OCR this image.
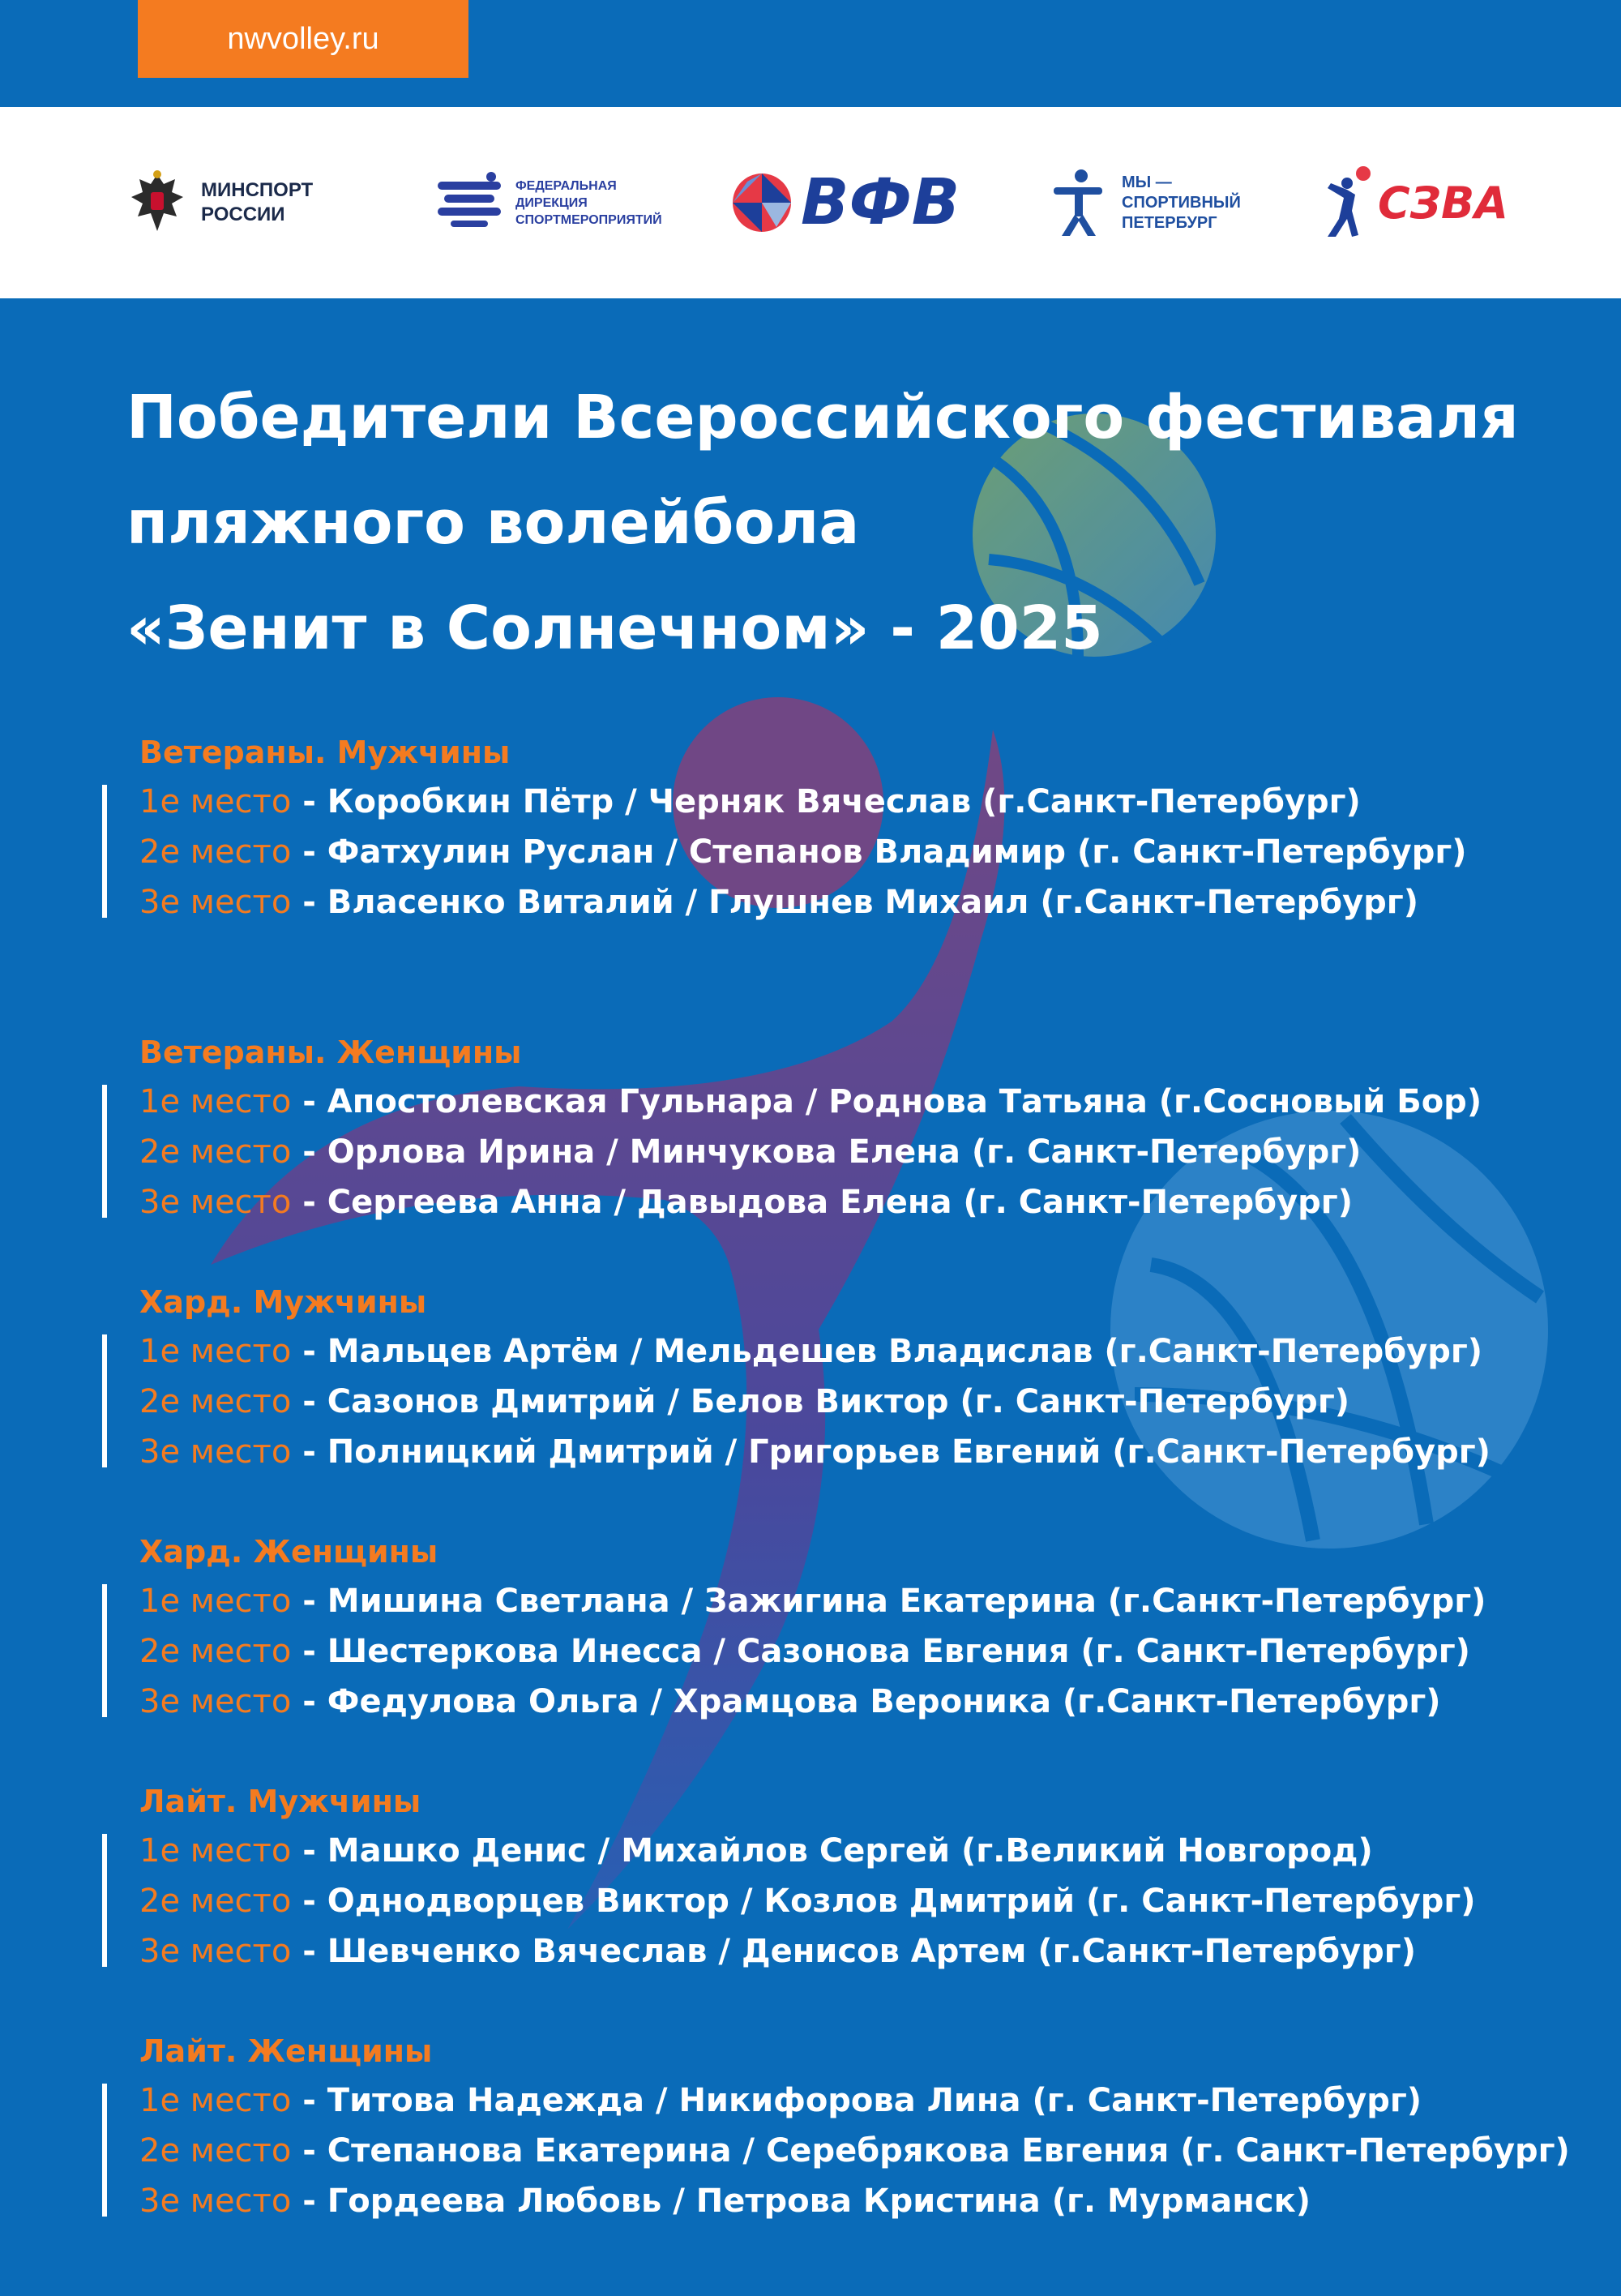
nwvolley.ru
МИНСПОРТ
РОССИИ
ФЕДЕРАЛЬНАЯ
ДИРЕКЦИЯ
СПОРТМЕРОПРИЯТИЙ ВФВ	МЫ —
СПОРТИВНЫЙ
ПЕТЕРБУРГ	СЗВА
Победители Всероссийского фестиваля
пляжного волейбола
«Зенит в Солнечном» - 2025
Ветераны. Мужчины
1е место - Коробкин Пётр / Черняк Вячеслав (г.Санкт-Петербург)
2е место - Фатхулин Руслан / Степанов Владимир (г. Санкт-Петербург)
3е место - Власенко Виталий / Глушнев Михаил (г.Санкт-Петербург)
Ветераны. Женщины
1е место - Апостолевская Гульнара / Роднова Татьяна (г.Сосновый Бор)
2е место - Орлова Ирина / Минчукова Елена (г. Санкт-Петербург)
3е место - Сергеева Анна / Давыдова Елена (г. Санкт-Петербург)
Хард. Мужчины
1е место - Мальцев Артём / Мельдешев Владислав (г.Санкт-Петербург)
2е место - Сазонов Дмитрий / Белов Виктор (г. Санкт-Петербург)
3е место - Полницкий Дмитрий / Григорьев Евгений (г.Санкт-Петербург)
Хард. Женщины
1е место - Мишина Светлана / Зажигина Екатерина (г.Санкт-Петербург)
2е место - Шестеркова Инесса / Сазонова Евгения (г. Санкт-Петербург)
3е место - Федулова Ольга / Храмцова Вероника (г.Санкт-Петербург)
Лайт. Мужчины
1е место - Машко Денис / Михайлов Сергей (г.Великий Новгород)
2е место - Однодворцев Виктор / Козлов Дмитрий (г. Санкт-Петербург)
3е место - Шевченко Вячеслав / Денисов Артем (г.Санкт-Петербург)
Лайт. Женщины
1е место - Титова Надежда / Никифорова Лина (г. Санкт-Петербург)
2е место - Степанова Екатерина / Серебрякова Евгения (г. Санкт-Петербург)
3е место - Гордеева Любовь / Петрова Кристина (г. Мурманск)
